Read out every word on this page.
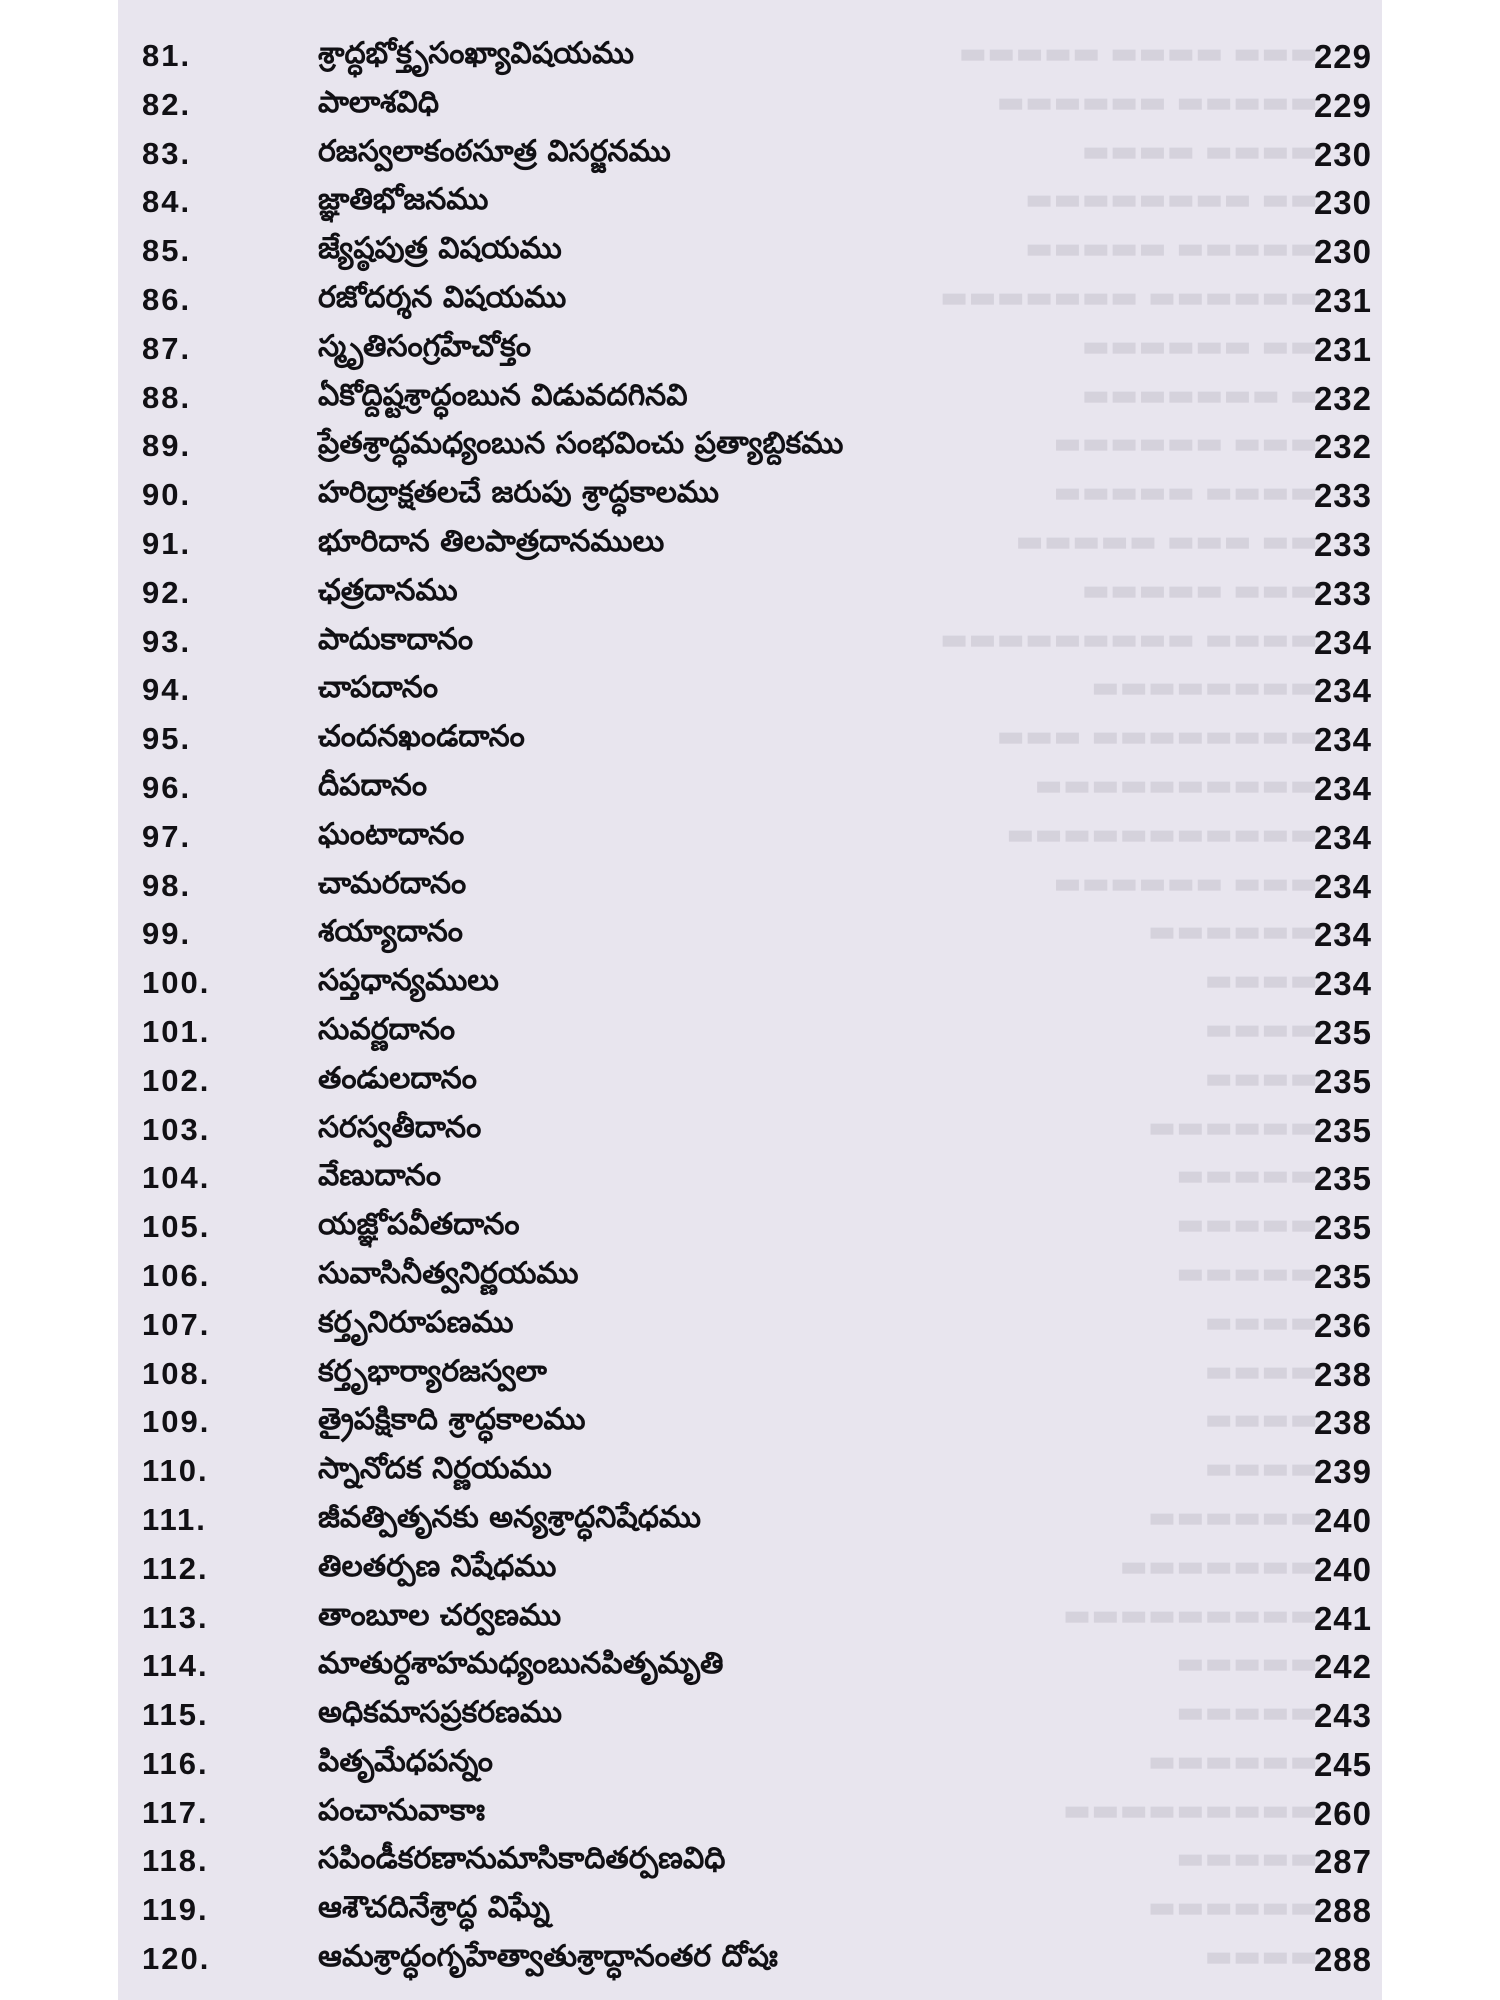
▬▬▬▬▬ ▬▬▬▬ ▬▬▬
▬▬▬▬▬▬ ▬▬▬▬▬
▬▬▬▬ ▬▬▬▬
▬▬▬▬▬▬▬▬ ▬▬
▬▬▬▬▬ ▬▬▬▬▬
▬▬▬▬▬▬▬ ▬▬▬▬▬▬
▬▬▬▬▬▬ ▬▬
▬▬▬▬▬▬▬ ▬
▬▬▬▬▬▬ ▬▬▬
▬▬▬▬▬ ▬▬▬▬
▬▬▬▬▬ ▬▬▬ ▬▬
▬▬▬▬▬ ▬▬▬
▬▬▬▬▬▬▬▬▬ ▬▬▬▬
▬▬▬▬▬▬▬▬
▬▬▬ ▬▬▬▬▬▬▬▬
▬▬▬▬▬▬▬▬▬▬
▬▬▬▬▬▬▬▬▬▬▬
▬▬▬▬▬▬ ▬▬▬
▬▬▬▬▬▬
▬▬▬▬
▬▬▬▬
▬▬▬▬
▬▬▬▬▬▬
▬▬▬▬▬
▬▬▬▬▬
▬▬▬▬▬
▬▬▬▬
▬▬▬▬
▬▬▬▬
▬▬▬▬
▬▬▬▬▬▬
▬▬▬▬▬▬▬
▬▬▬▬▬▬▬▬▬
▬▬▬▬▬
▬▬▬▬▬
▬▬▬▬▬▬
▬▬▬▬▬▬▬▬▬
▬▬▬▬▬
▬▬▬▬▬▬
▬▬▬▬
81.	శ్రాద్ధభోక్తృసంఖ్యావిషయము	229
82.	పాలాశవిధి	229
83.	రజస్వలాకంఠసూత్ర విసర్జనము	230
84.	జ్ఞాతిభోజనము	230
85.	జ్యేష్ఠపుత్ర విషయము	230
86.	రజోదర్శన విషయము	231
87.	స్మృతిసంగ్రహేచోక్తం	231
88.	ఏకోద్దిష్టశ్రాద్ధంబున విడువదగినవి	232
89.	ప్రేతశ్రాద్ధమధ్యంబున సంభవించు ప్రత్యాబ్దికము	232
90.	హరిద్రాక్షతలచే జరుపు శ్రాద్ధకాలము	233
91.	భూరిదాన తిలపాత్రదానములు	233
92.	ఛత్రదానము	233
93.	పాదుకాదానం	234
94.	చాపదానం	234
95.	చందనఖండదానం	234
96.	దీపదానం	234
97.	ఘంటాదానం	234
98.	చామరదానం	234
99.	శయ్యాదానం	234
100.	సప్తధాన్యములు	234
101.	సువర్ణదానం	235
102.	తండులదానం	235
103.	సరస్వతీదానం	235
104.	వేణుదానం	235
105.	యజ్ఞోపవీతదానం	235
106.	సువాసినీత్వనిర్ణయము	235
107.	కర్తృనిరూపణము	236
108.	కర్తృభార్యారజస్వలా	238
109.	త్రైపక్షికాది శ్రాద్ధకాలము	238
110.	స్నానోదక నిర్ణయము	239
111.	జీవత్పితృనకు అన్యశ్రాద్ధనిషేధము	240
112.	తిలతర్పణ నిషేధము	240
113.	తాంబూల చర్వణము	241
114.	మాతుర్దశాహమధ్యంబునపితృమృతి	242
115.	అధికమాసప్రకరణము	243
116.	పితృమేధపన్నం	245
117.	పంచానువాకాః	260
118.	సపిండీకరణానుమాసికాదితర్పణవిధి	287
119.	ఆశౌచదినేశ్రాద్ధ విఘ్నే	288
120.	ఆమశ్రాద్ధంగృహేత్వాతుశ్రాద్ధానంతర దోషః	288
